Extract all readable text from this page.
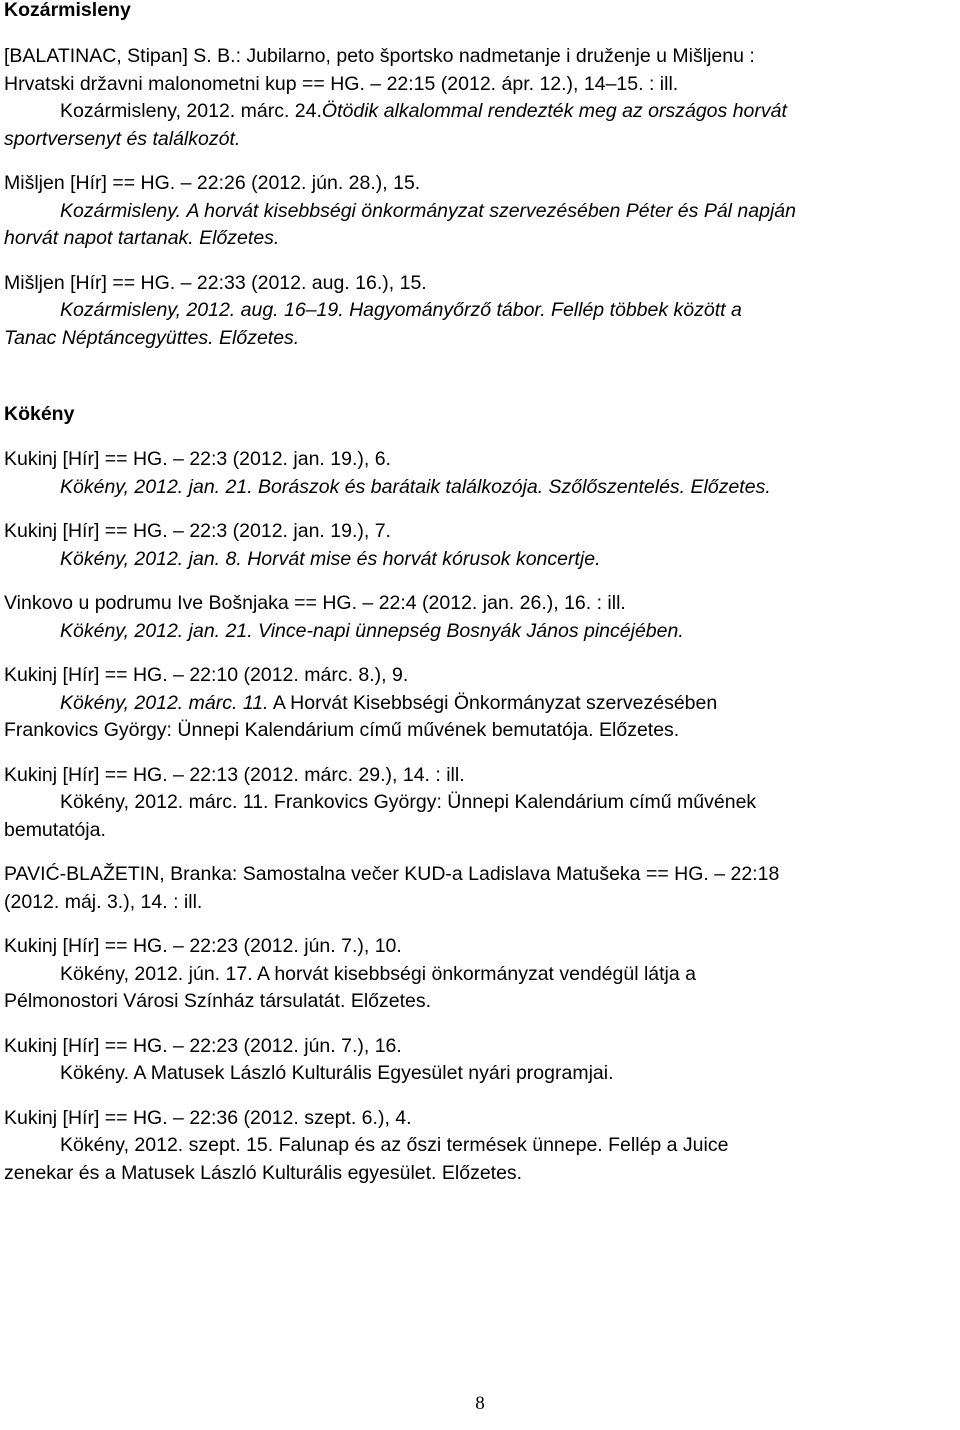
Kozármisleny
[BALATINAC, Stipan] S. B.: Jubilarno, peto športsko nadmetanje i druženje u Mišljenu :
Hrvatski državni malonometni kup == HG. – 22:15 (2012. ápr. 12.), 14–15. : ill.
Kozármisleny, 2012. márc. 24.Ötödik alkalommal rendezték meg az országos horvát
sportversenyt és találkozót.
Mišljen [Hír] == HG. – 22:26 (2012. jún. 28.), 15.
Kozármisleny. A horvát kisebbségi önkormányzat szervezésében Péter és Pál napján
horvát napot tartanak. Előzetes.
Mišljen [Hír] == HG. – 22:33 (2012. aug. 16.), 15.
Kozármisleny, 2012. aug. 16–19. Hagyományőrző tábor. Fellép többek között a
Tanac Néptáncegyüttes. Előzetes.
Kökény
Kukinj [Hír] == HG. – 22:3 (2012. jan. 19.), 6.
Kökény, 2012. jan. 21. Borászok és barátaik találkozója. Szőlőszentelés. Előzetes.
Kukinj [Hír] == HG. – 22:3 (2012. jan. 19.), 7.
Kökény, 2012. jan. 8. Horvát mise és horvát kórusok koncertje.
Vinkovo u podrumu Ive Bošnjaka == HG. – 22:4 (2012. jan. 26.), 16. : ill.
Kökény, 2012. jan. 21. Vince-napi ünnepség Bosnyák János pincéjében.
Kukinj [Hír] == HG. – 22:10 (2012. márc. 8.), 9.
Kökény, 2012. márc. 11. A Horvát Kisebbségi Önkormányzat szervezésében
Frankovics György: Ünnepi Kalendárium című művének bemutatója. Előzetes.
Kukinj [Hír] == HG. – 22:13 (2012. márc. 29.), 14. : ill.
Kökény, 2012. márc. 11. Frankovics György: Ünnepi Kalendárium című művének
bemutatója.
PAVIĆ-BLAŽETIN, Branka: Samostalna večer KUD-a Ladislava Matušeka == HG. – 22:18
(2012. máj. 3.), 14. : ill.
Kukinj [Hír] == HG. – 22:23 (2012. jún. 7.), 10.
Kökény, 2012. jún. 17. A horvát kisebbségi önkormányzat vendégül látja a
Pélmonostori Városi Színház társulatát. Előzetes.
Kukinj [Hír] == HG. – 22:23 (2012. jún. 7.), 16.
Kökény. A Matusek László Kulturális Egyesület nyári programjai.
Kukinj [Hír] == HG. – 22:36 (2012. szept. 6.), 4.
Kökény, 2012. szept. 15. Falunap és az őszi termések ünnepe. Fellép a Juice
zenekar és a Matusek László Kulturális egyesület. Előzetes.
8
